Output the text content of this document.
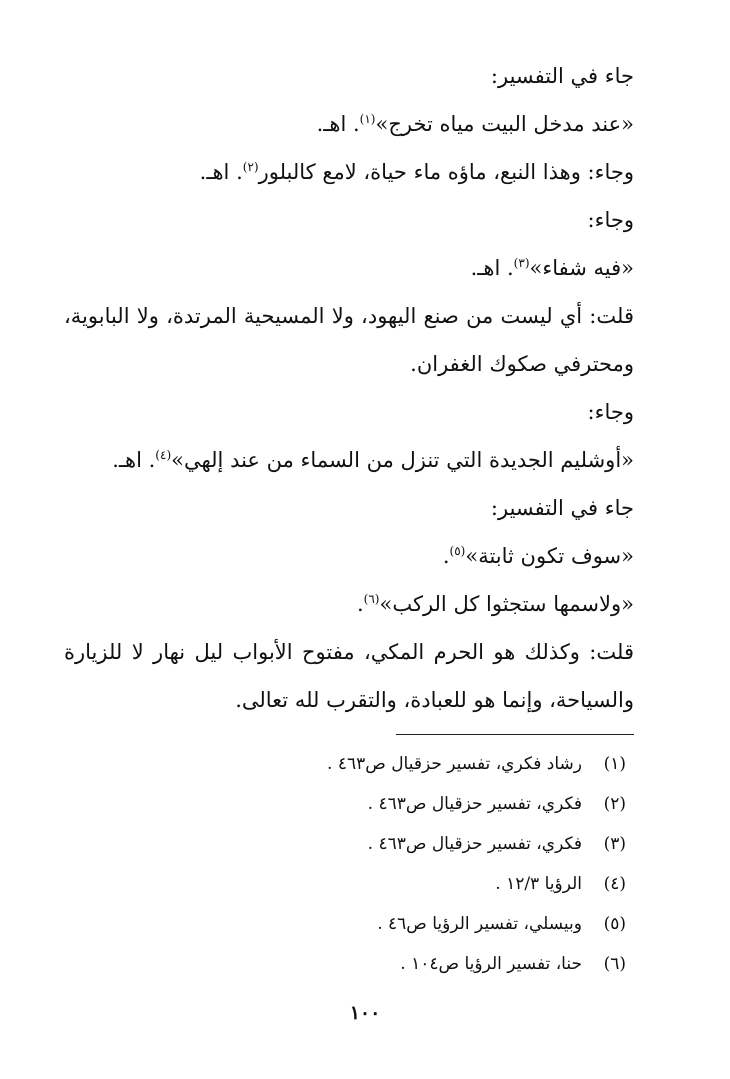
جاء في التفسير:
«عند مدخل البيت مياه تخرج»$^{(١)}$. اهـ.
وجاء: وهذا النبع، ماؤه ماء حياة، لامع كالبلور$^{(٢)}$. اهـ.
وجاء:
«فيه شفاء»$^{(٣)}$. اهـ.
قلت: أي ليست من صنع اليهود، ولا المسيحية المرتدة، ولا البابوية، ومحترفي صكوك الغفران.
وجاء:
«أوشليم الجديدة التي تنزل من السماء من عند إلهي»$^{(٤)}$. اهـ.
جاء في التفسير:
«سوف تكون ثابتة»$^{(٥)}$.
«ولاسمها ستجثوا كل الركب»$^{(٦)}$.
قلت: وكذلك هو الحرم المكي، مفتوح الأبواب ليل نهار لا للزيارة والسياحة، وإنما هو للعبادة، والتقرب لله تعالى.
(١)رشاد فكري، تفسير حزقيال ص٤٦٣ .
(٢)فكري، تفسير حزقيال ص٤٦٣ .
(٣)فكري، تفسير حزقيال ص٤٦٣ .
(٤)الرؤيا ١٢/٣ .
(٥)وبيسلي، تفسير الرؤيا ص٤٦ .
(٦)حنا، تفسير الرؤيا ص١٠٤ .
١٠٠
